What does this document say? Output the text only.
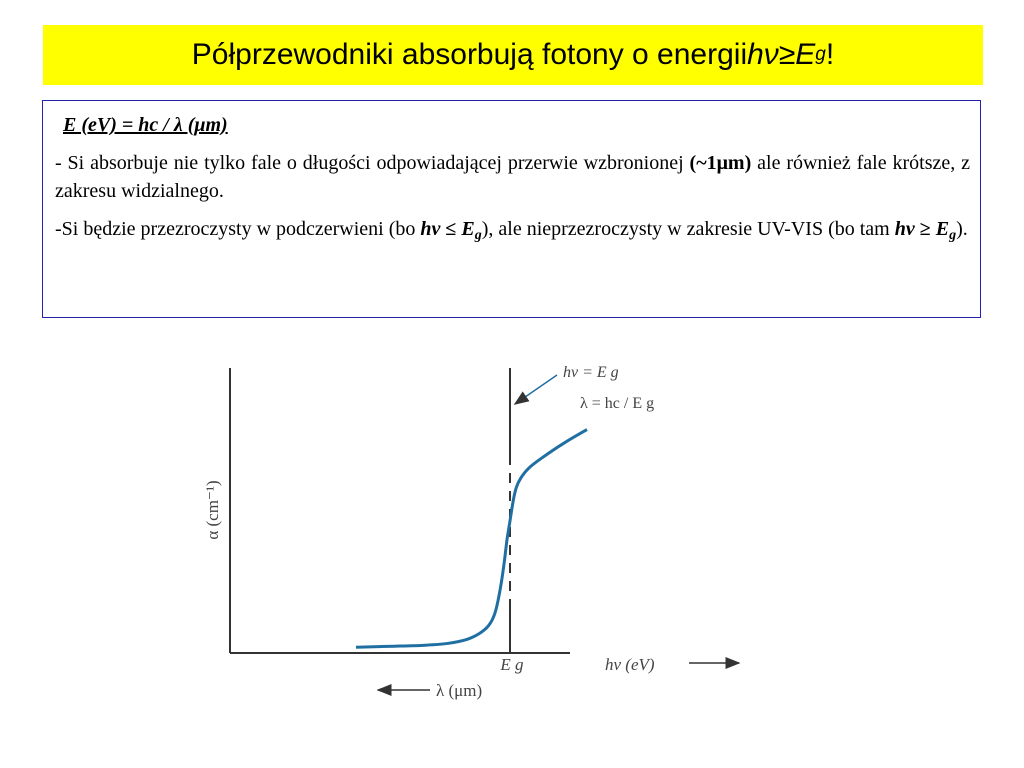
Półprzewodniki absorbują fotony o energii hν ≥ E g !
E (eV) = hc / λ (μm)
- Si absorbuje nie tylko fale o długości odpowiadającej przerwie wzbronionej (~1μm) ale również fale krótsze, z zakresu widzialnego.
-Si będzie przezroczysty w podczerwieni (bo $h\nu \le E_g$), ale nieprzezroczysty w zakresie UV-VIS (bo tam hv ≥ $E_g$).
α (cm⁻¹)
hν (eV)
λ (μm)
E g
hν = E g
λ = hc / E g
